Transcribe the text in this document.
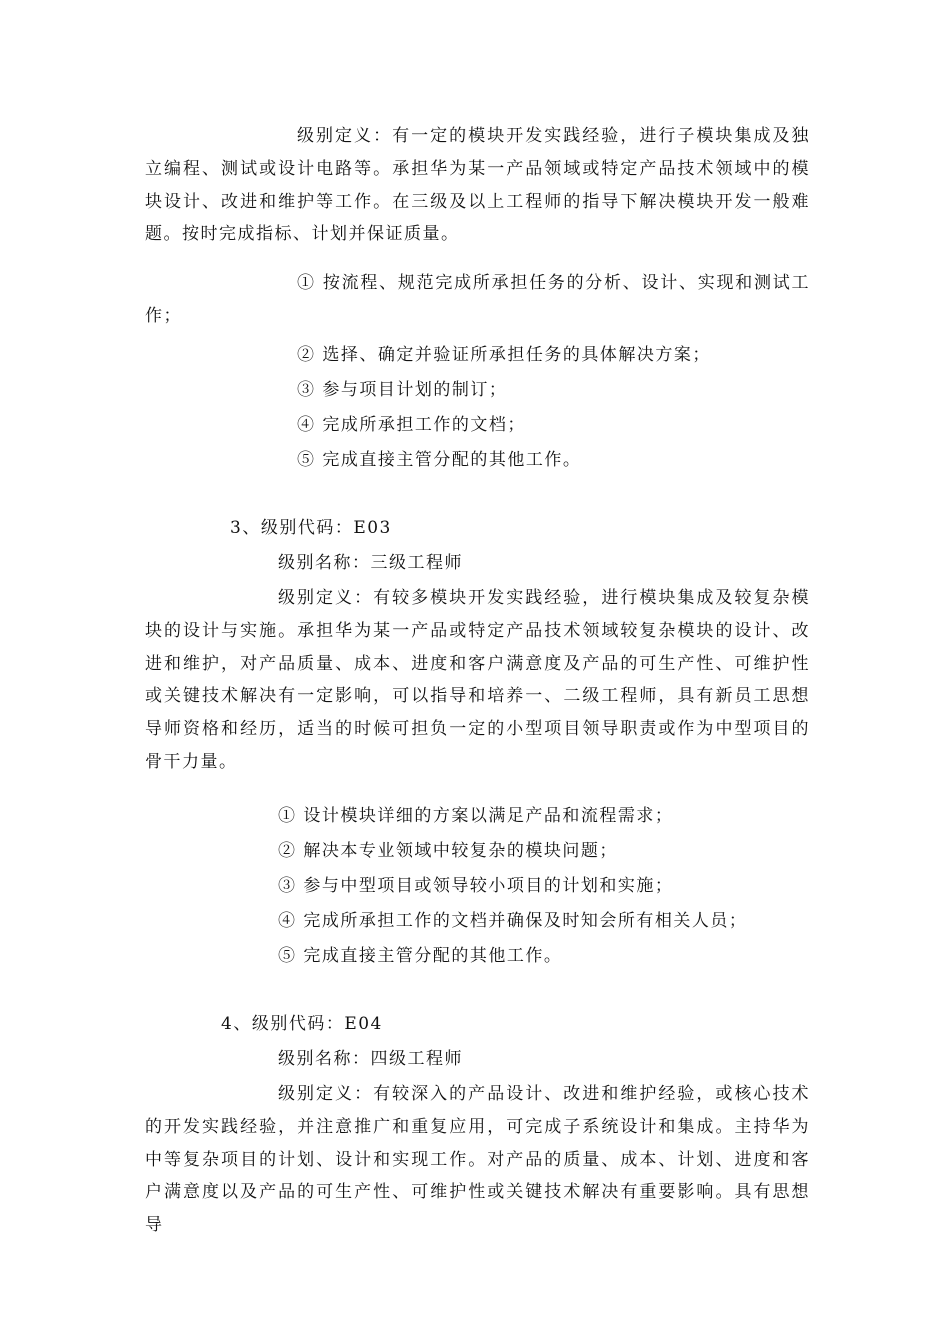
级别定义：有一定的模块开发实践经验，进行子模块集成及独立编程、测试或设计电路等。承担华为某一产品领域或特定产品技术领域中的模块设计、改进和维护等工作。在三级及以上工程师的指导下解决模块开发一般难题。按时完成指标、计划并保证质量。

① 按流程、规范完成所承担任务的分析、设计、实现和测试工作；

② 选择、确定并验证所承担任务的具体解决方案；

③ 参与项目计划的制订；

④ 完成所承担工作的文档；

⑤ 完成直接主管分配的其他工作。

3、级别代码：E03

级别名称：三级工程师

级别定义：有较多模块开发实践经验，进行模块集成及较复杂模块的设计与实施。承担华为某一产品或特定产品技术领域较复杂模块的设计、改进和维护，对产品质量、成本、进度和客户满意度及产品的可生产性、可维护性或关键技术解决有一定影响，可以指导和培养一、二级工程师，具有新员工思想导师资格和经历，适当的时候可担负一定的小型项目领导职责或作为中型项目的骨干力量。

① 设计模块详细的方案以满足产品和流程需求；

② 解决本专业领域中较复杂的模块问题；

③ 参与中型项目或领导较小项目的计划和实施；

④ 完成所承担工作的文档并确保及时知会所有相关人员；

⑤ 完成直接主管分配的其他工作。

4、级别代码：E04

级别名称：四级工程师

级别定义：有较深入的产品设计、改进和维护经验，或核心技术的开发实践经验，并注意推广和重复应用，可完成子系统设计和集成。主持华为中等复杂项目的计划、设计和实现工作。对产品的质量、成本、计划、进度和客户满意度以及产品的可生产性、可维护性或关键技术解决有重要影响。具有思想导
